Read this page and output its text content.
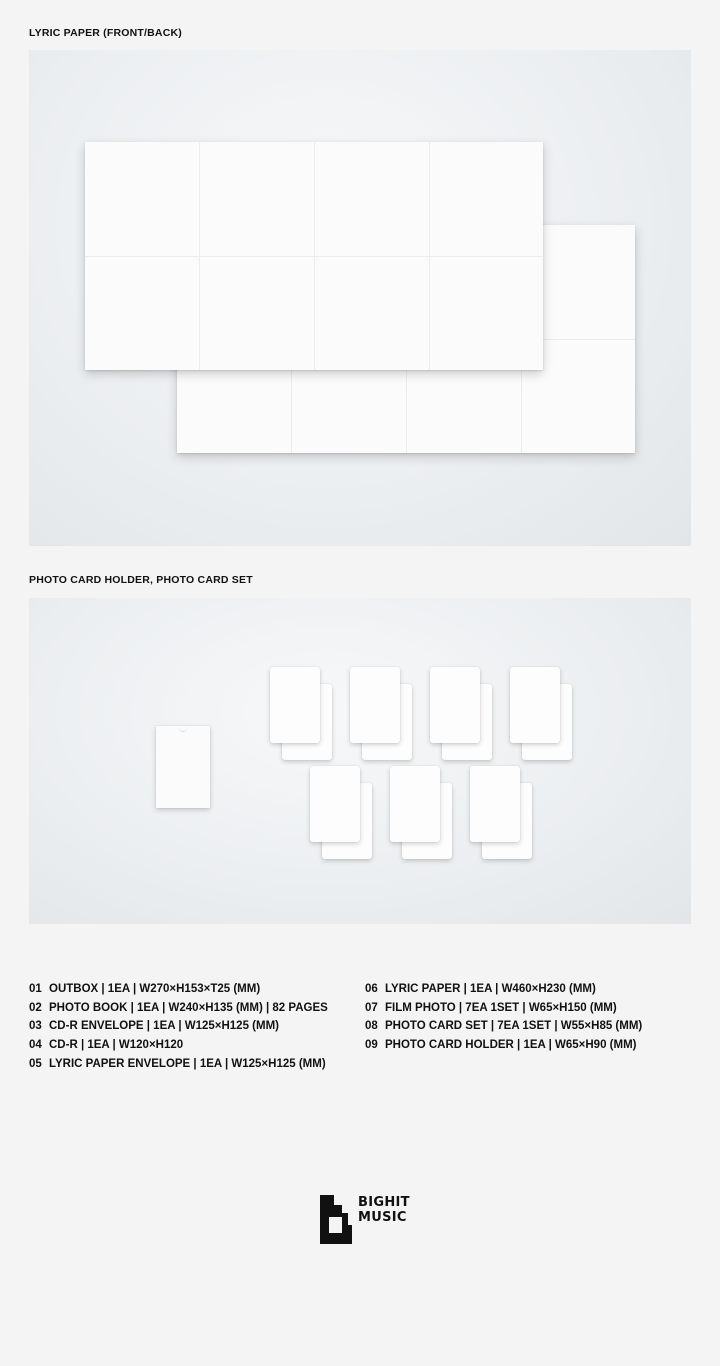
LYRIC PAPER (FRONT/BACK)
PHOTO CARD HOLDER, PHOTO CARD SET
01 OUTBOX | 1EA | W270×H153×T25 (MM)
02 PHOTO BOOK | 1EA | W240×H135 (MM) | 82 PAGES
03 CD-R ENVELOPE | 1EA | W125×H125 (MM)
04 CD-R | 1EA | W120×H120
05 LYRIC PAPER ENVELOPE | 1EA | W125×H125 (MM)
06 LYRIC PAPER | 1EA | W460×H230 (MM)
07 FILM PHOTO | 7EA 1SET | W65×H150 (MM)
08 PHOTO CARD SET | 7EA 1SET | W55×H85 (MM)
09 PHOTO CARD HOLDER | 1EA | W65×H90 (MM)
BIGHIT
MUSIC
